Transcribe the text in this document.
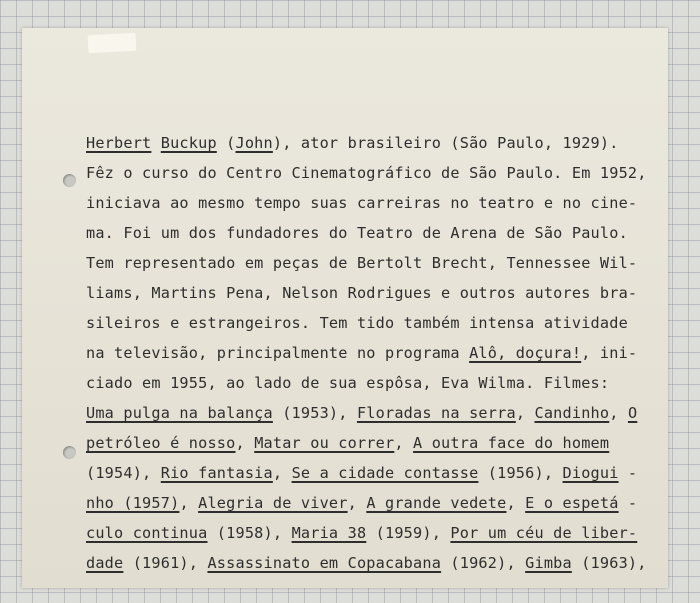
Herbert Buckup (John), ator brasileiro (São Paulo, 1929).
Fêz o curso do Centro Cinematográfico de São Paulo. Em 1952,
iniciava ao mesmo tempo suas carreiras no teatro e no cine-
ma. Foi um dos fundadores do Teatro de Arena de São Paulo.
Tem representado em peças de Bertolt Brecht, Tennessee Wil-
liams, Martins Pena, Nelson Rodrigues e outros autores bra-
sileiros e estrangeiros. Tem tido também intensa atividade
na televisão, principalmente no programa Alô, doçura!, ini-
ciado em 1955, ao lado de sua espôsa, Eva Wilma. Filmes:
Uma pulga na balança (1953), Floradas na serra, Candinho, O
petróleo é nosso, Matar ou correr, A outra face do homem
(1954), Rio fantasia, Se a cidade contasse (1956), Diogui -
nho (1957), Alegria de viver, A grande vedete, E o espetá -
culo continua (1958), Maria 38 (1959), Por um céu de liber-
dade (1961), Assassinato em Copacabana (1962), Gimba (1963),
